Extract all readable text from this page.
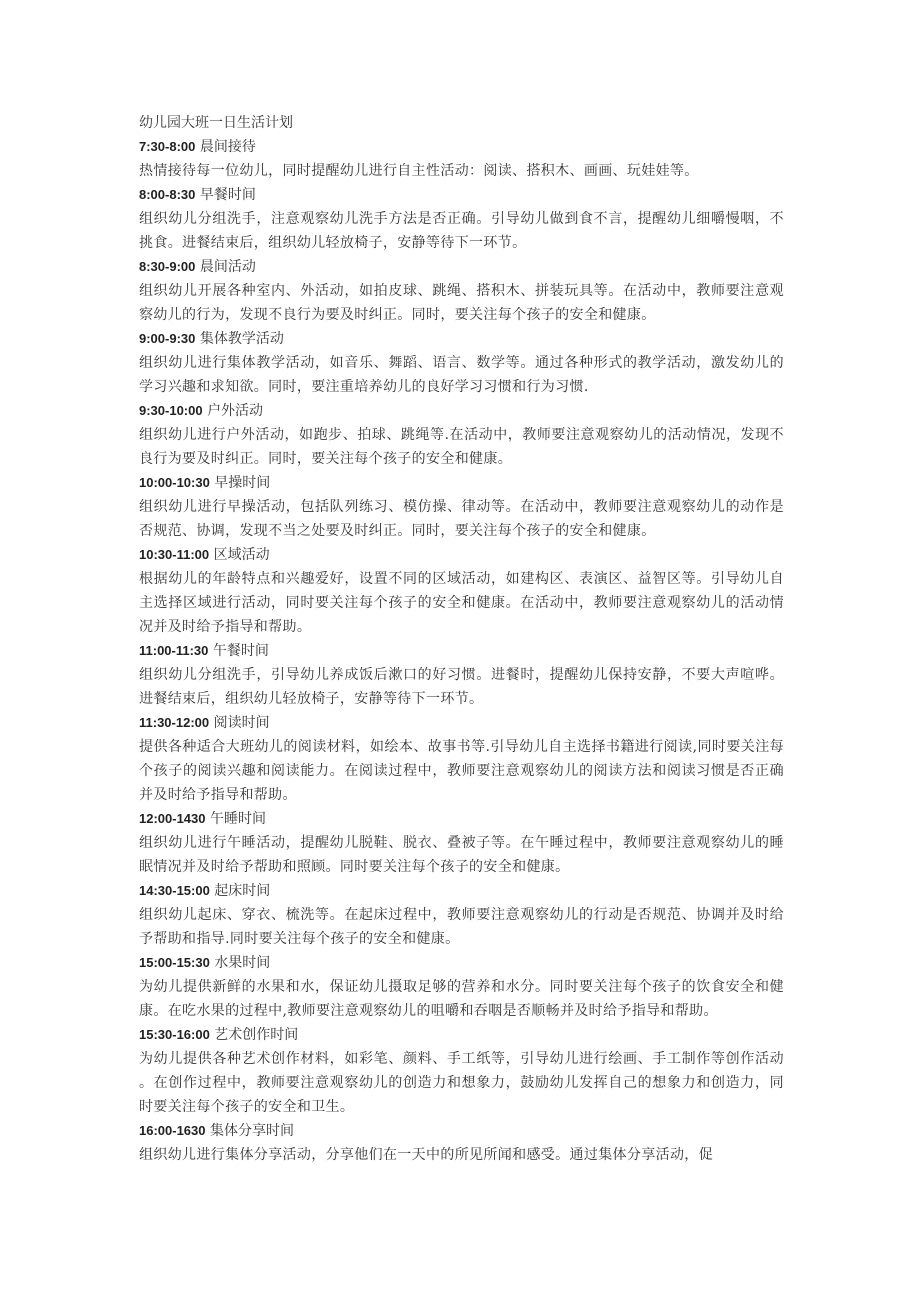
幼儿园大班一日生活计划

7:30-8:00 晨间接待

热情接待每一位幼儿，同时提醒幼儿进行自主性活动：阅读、搭积木、画画、玩娃娃等。

8:00-8:30 早餐时间

组织幼儿分组洗手，注意观察幼儿洗手方法是否正确。引导幼儿做到食不言，提醒幼儿细嚼慢咽，不挑食。进餐结束后，组织幼儿轻放椅子，安静等待下一环节。

8:30-9:00 晨间活动

组织幼儿开展各种室内、外活动，如拍皮球、跳绳、搭积木、拼装玩具等。在活动中，教师要注意观察幼儿的行为，发现不良行为要及时纠正。同时，要关注每个孩子的安全和健康。

9:00-9:30 集体教学活动

组织幼儿进行集体教学活动，如音乐、舞蹈、语言、数学等。通过各种形式的教学活动，激发幼儿的学习兴趣和求知欲。同时，要注重培养幼儿的良好学习习惯和行为习惯.

9:30-10:00 户外活动

组织幼儿进行户外活动，如跑步、拍球、跳绳等.在活动中，教师要注意观察幼儿的活动情况，发现不良行为要及时纠正。同时，要关注每个孩子的安全和健康。

10:00-10:30 早操时间

组织幼儿进行早操活动，包括队列练习、模仿操、律动等。在活动中，教师要注意观察幼儿的动作是否规范、协调，发现不当之处要及时纠正。同时，要关注每个孩子的安全和健康。

10:30-11:00 区域活动

根据幼儿的年龄特点和兴趣爱好，设置不同的区域活动，如建构区、表演区、益智区等。引导幼儿自主选择区域进行活动，同时要关注每个孩子的安全和健康。在活动中，教师要注意观察幼儿的活动情况并及时给予指导和帮助。

11:00-11:30 午餐时间

组织幼儿分组洗手，引导幼儿养成饭后漱口的好习惯。进餐时，提醒幼儿保持安静，不要大声喧哗。进餐结束后，组织幼儿轻放椅子，安静等待下一环节。

11:30-12:00 阅读时间

提供各种适合大班幼儿的阅读材料，如绘本、故事书等.引导幼儿自主选择书籍进行阅读,同时要关注每个孩子的阅读兴趣和阅读能力。在阅读过程中，教师要注意观察幼儿的阅读方法和阅读习惯是否正确并及时给予指导和帮助。

12:00-1430 午睡时间

组织幼儿进行午睡活动，提醒幼儿脱鞋、脱衣、叠被子等。在午睡过程中，教师要注意观察幼儿的睡眠情况并及时给予帮助和照顾。同时要关注每个孩子的安全和健康。

14:30-15:00 起床时间

组织幼儿起床、穿衣、梳洗等。在起床过程中，教师要注意观察幼儿的行动是否规范、协调并及时给予帮助和指导.同时要关注每个孩子的安全和健康。

15:00-15:30 水果时间

为幼儿提供新鲜的水果和水，保证幼儿摄取足够的营养和水分。同时要关注每个孩子的饮食安全和健康。在吃水果的过程中,教师要注意观察幼儿的咀嚼和吞咽是否顺畅并及时给予指导和帮助。

15:30-16:00 艺术创作时间

为幼儿提供各种艺术创作材料，如彩笔、颜料、手工纸等，引导幼儿进行绘画、手工制作等创作活动。在创作过程中，教师要注意观察幼儿的创造力和想象力，鼓励幼儿发挥自己的想象力和创造力，同时要关注每个孩子的安全和卫生。

16:00-1630 集体分享时间

组织幼儿进行集体分享活动，分享他们在一天中的所见所闻和感受。通过集体分享活动，促
